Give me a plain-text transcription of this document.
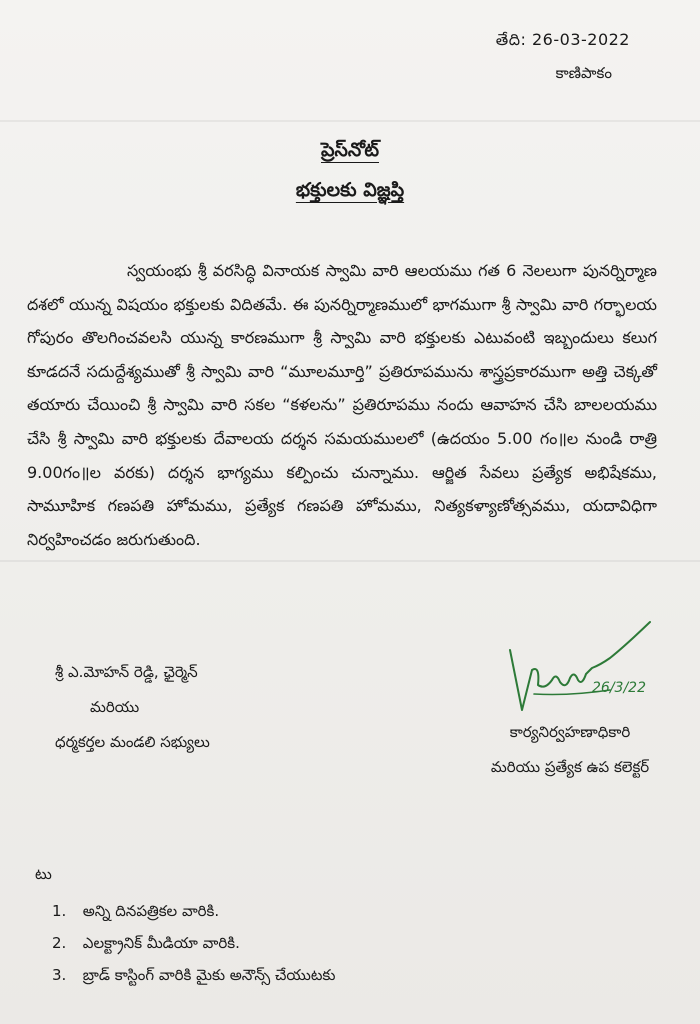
తేది: 26-03-2022
కాణిపాకం
ప్రెస్‌నోట్
భక్తులకు విజ్ఞప్తి
స్వయంభు శ్రీ వరసిద్ధి వినాయక స్వామి వారి ఆలయము గత 6 నెలలుగా పునర్నిర్మాణ దశలో యున్న విషయం భక్తులకు విదితమే. ఈ పునర్నిర్మాణములో భాగముగా శ్రీ స్వామి వారి గర్భాలయ గోపురం తొలగించవలసి యున్న కారణముగా శ్రీ స్వామి వారి భక్తులకు ఎటువంటి ఇబ్బందులు కలుగ కూడదనే సదుద్దేశ్యముతో శ్రీ స్వామి వారి “మూలమూర్తి” ప్రతిరూపమును శాస్త్రప్రకారముగా అత్తి చెక్కతో తయారు చేయించి శ్రీ స్వామి వారి సకల “కళలను” ప్రతిరూపము నందు ఆవాహన చేసి బాలలయము చేసి శ్రీ స్వామి వారి భక్తులకు దేవాలయ దర్శన సమయములలో (ఉదయం 5.00 గం॥ల నుండి రాత్రి 9.00గం॥ల వరకు) దర్శన భాగ్యము కల్పించు చున్నాము. ఆర్జిత సేవలు ప్రత్యేక అభిషేకము, సామూహిక గణపతి హోమము, ప్రత్యేక గణపతి హోమము, నిత్యకళ్యాణోత్సవము, యదావిధిగా నిర్వహించడం జరుగుతుంది.
శ్రీ ఎ.మోహన్ రెడ్డి, ఛైర్మెన్
మరియు
ధర్మకర్తల మండలి సభ్యులు
26/3/22
కార్యనిర్వహణాధికారి
మరియు ప్రత్యేక ఉప కలెక్టర్
టు
1. అన్ని దినపత్రికల వారికి.
2. ఎలక్ట్రానిక్ మీడియా వారికి.
3. బ్రాడ్ కాస్టింగ్ వారికి మైకు అనౌన్స్ చేయుటకు
